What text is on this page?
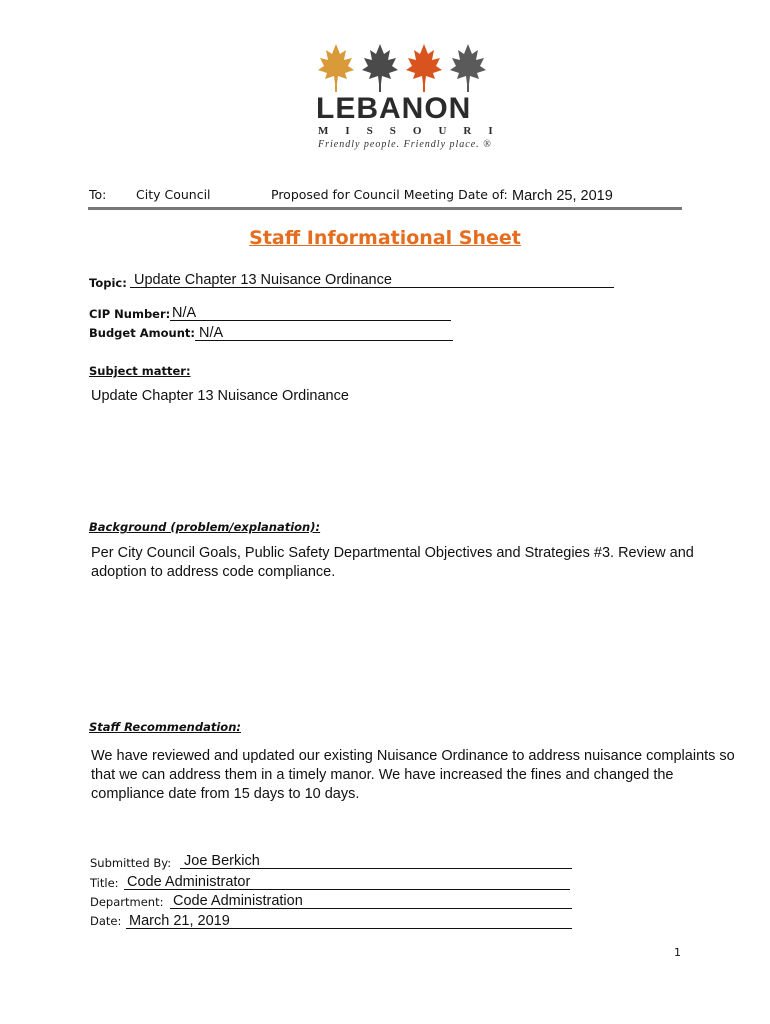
LEBANON
MISSOURI
Friendly people. Friendly place. ®
To: City Council	Proposed for Council Meeting Date of: March 25, 2019
Staff Informational Sheet
Topic: Update Chapter 13 Nuisance Ordinance
CIP Number: N/A
Budget Amount: N/A
Subject matter:
Update Chapter 13 Nuisance Ordinance
Background (problem/explanation):
Per City Council Goals, Public Safety Departmental Objectives and Strategies #3. Review and
adoption to address code compliance.
Staff Recommendation:
We have reviewed and updated our existing Nuisance Ordinance to address nuisance complaints so
that we can address them in a timely manor. We have increased the fines and changed the
compliance date from 15 days to 10 days.
Submitted By: Joe Berkich
Title: Code Administrator
Department: Code Administration
Date: March 21, 2019
1
